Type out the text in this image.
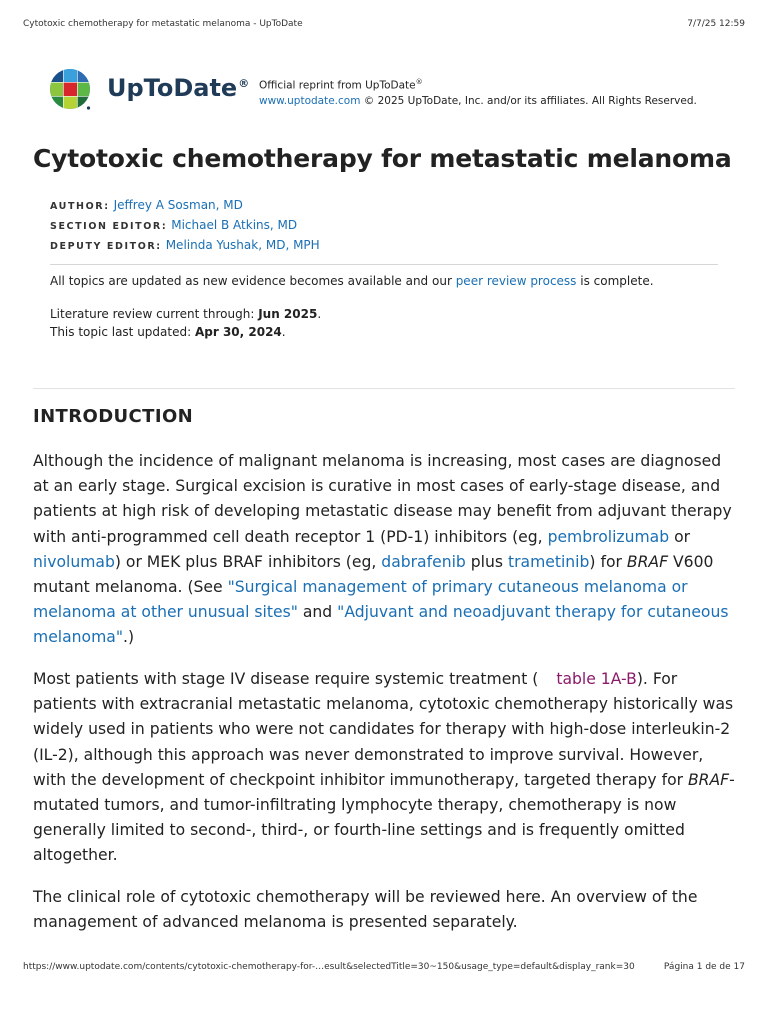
Cytotoxic chemotherapy for metastatic melanoma - UpToDate	7/7/25 12:59
UpToDate® Official reprint from UpToDate®
www.uptodate.com © 2025 UpToDate, Inc. and/or its affiliates. All Rights Reserved.
Cytotoxic chemotherapy for metastatic melanoma
AUTHOR: Jeffrey A Sosman, MD
SECTION EDITOR: Michael B Atkins, MD
DEPUTY EDITOR: Melinda Yushak, MD, MPH
All topics are updated as new evidence becomes available and our peer review process is complete.
Literature review current through: Jun 2025.
This topic last updated: Apr 30, 2024.
INTRODUCTION

Although the incidence of malignant melanoma is increasing, most cases are diagnosed at an early stage. Surgical excision is curative in most cases of early-stage disease, and patients at high risk of developing metastatic disease may benefit from adjuvant therapy with anti-programmed cell death receptor 1 (PD-1) inhibitors (eg, pembrolizumab or nivolumab) or MEK plus BRAF inhibitors (eg, dabrafenib plus trametinib) for BRAF V600 mutant melanoma. (See "Surgical management of primary cutaneous melanoma or melanoma at other unusual sites" and "Adjuvant and neoadjuvant therapy for cutaneous melanoma".)

Most patients with stage IV disease require systemic treatment ( table 1A-B). For patients with extracranial metastatic melanoma, cytotoxic chemotherapy historically was widely used in patients who were not candidates for therapy with high-dose interleukin-2 (IL-2), although this approach was never demonstrated to improve survival. However, with the development of checkpoint inhibitor immunotherapy, targeted therapy for BRAF-mutated tumors, and tumor-infiltrating lymphocyte therapy, chemotherapy is now generally limited to second-, third-, or fourth-line settings and is frequently omitted altogether.

The clinical role of cytotoxic chemotherapy will be reviewed here. An overview of the management of advanced melanoma is presented separately.

https://www.uptodate.com/contents/cytotoxic-chemotherapy-for-…esult&selectedTitle=30~150&usage_type=default&display_rank=30	Página 1 de de 17
